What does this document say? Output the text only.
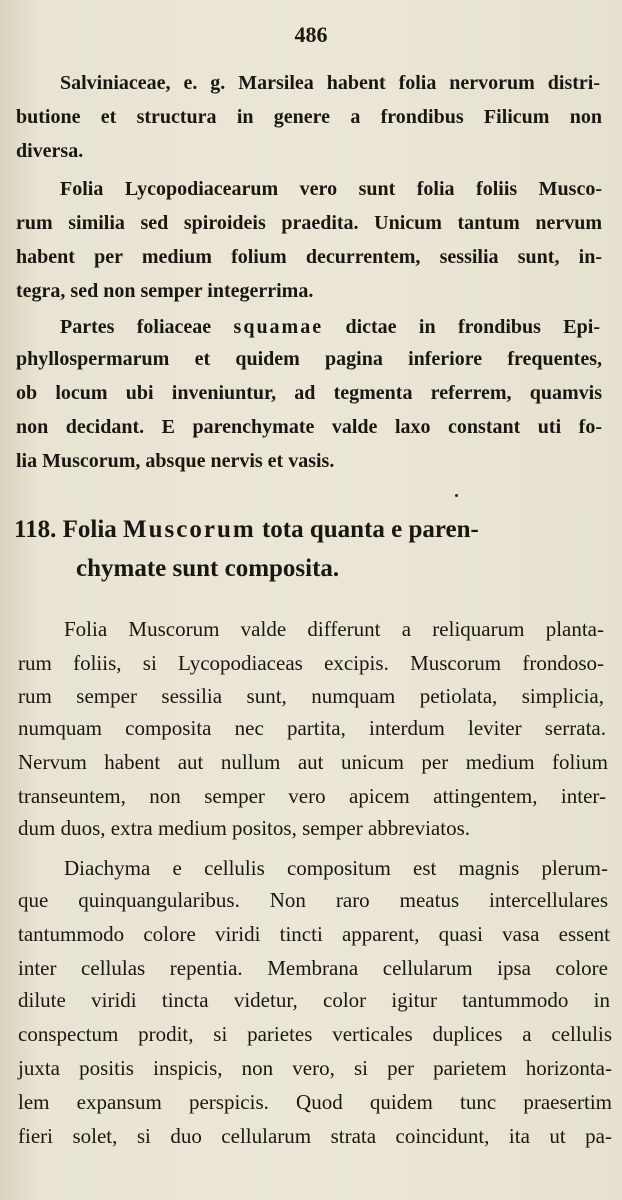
486
Salviniaceae, e. g. Marsilea habent folia nervorum distri-
butione et structura in genere a frondibus Filicum non
diversa.
Folia Lycopodiacearum vero sunt folia foliis Musco-
rum similia sed spiroideis praedita. Unicum tantum nervum
habent per medium folium decurrentem, sessilia sunt, in-
tegra, sed non semper integerrima.
Partes foliaceae squamae dictae in frondibus Epi-
phyllospermarum et quidem pagina inferiore frequentes,
ob locum ubi inveniuntur, ad tegmenta referrem, quamvis
non decidant. E parenchymate valde laxo constant uti fo-
lia Muscorum, absque nervis et vasis.
118. Folia Muscorum tota quanta e paren-
chymate sunt composita.
Folia Muscorum valde differunt a reliquarum planta-
rum foliis, si Lycopodiaceas excipis. Muscorum frondoso-
rum semper sessilia sunt, numquam petiolata, simplicia,
numquam composita nec partita, interdum leviter serrata.
Nervum habent aut nullum aut unicum per medium folium
transeuntem, non semper vero apicem attingentem, inter-
dum duos, extra medium positos, semper abbreviatos.
Diachyma e cellulis compositum est magnis plerum-
que quinquangularibus. Non raro meatus intercellulares
tantummodo colore viridi tincti apparent, quasi vasa essent
inter cellulas repentia. Membrana cellularum ipsa colore
dilute viridi tincta videtur, color igitur tantummodo in
conspectum prodit, si parietes verticales duplices a cellulis
juxta positis inspicis, non vero, si per parietem horizonta-
lem expansum perspicis. Quod quidem tunc praesertim
fieri solet, si duo cellularum strata coincidunt, ita ut pa-
